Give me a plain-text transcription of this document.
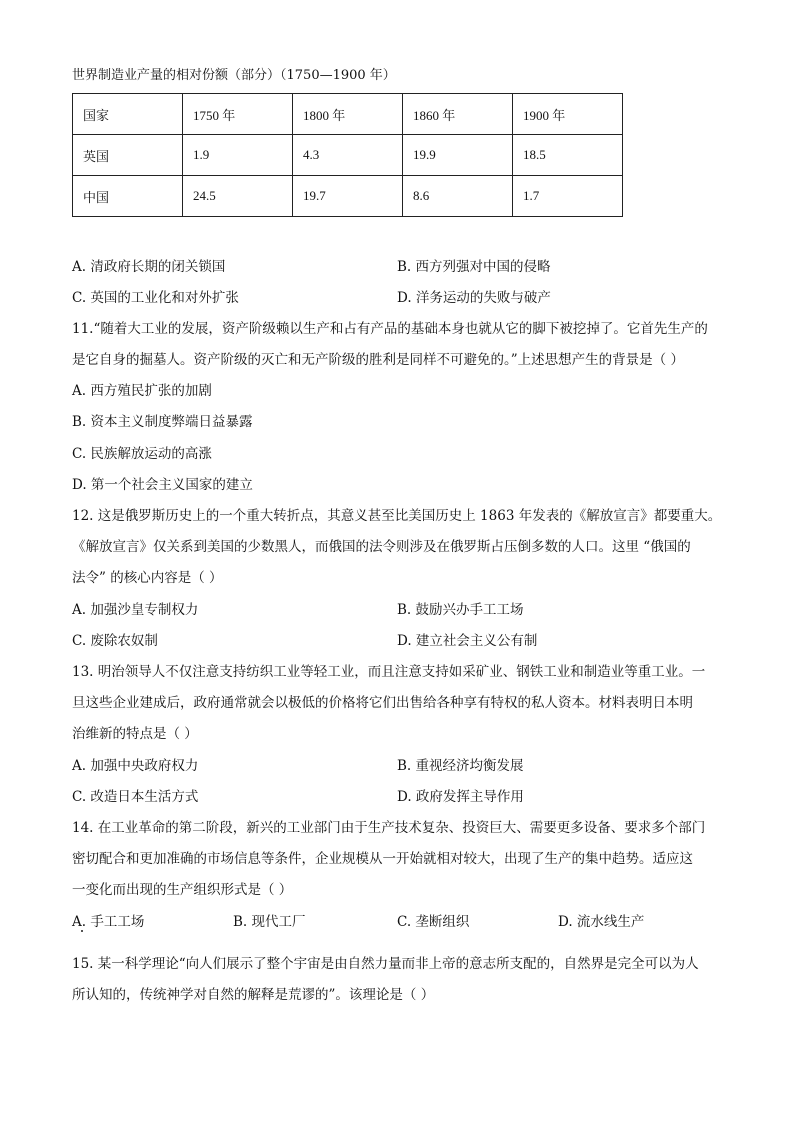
世界制造业产量的相对份额（部分）（1750—1900 年）
国家	1750 年	1800 年	1860 年	1900 年
英国	1.9	4.3	19.9	18.5
中国	24.5	19.7	8.6	1.7
A. 清政府长期的闭关锁国	B. 西方列强对中国的侵略
C. 英国的工业化和对外扩张	D. 洋务运动的失败与破产
11.“随着大工业的发展，资产阶级赖以生产和占有产品的基础本身也就从它的脚下被挖掉了。它首先生产的
是它自身的掘墓人。资产阶级的灭亡和无产阶级的胜利是同样不可避免的。”上述思想产生的背景是（ ）
A. 西方殖民扩张的加剧
B. 资本主义制度弊端日益暴露
C. 民族解放运动的高涨
D. 第一个社会主义国家的建立
12. 这是俄罗斯历史上的一个重大转折点，其意义甚至比美国历史上 1863 年发表的《解放宣言》都要重大。
《解放宣言》仅关系到美国的少数黑人，而俄国的法令则涉及在俄罗斯占压倒多数的人口。这里 “俄国的
法令” 的核心内容是（ ）
A. 加强沙皇专制权力	B. 鼓励兴办手工工场
C. 废除农奴制	D. 建立社会主义公有制
13. 明治领导人不仅注意支持纺织工业等轻工业，而且注意支持如采矿业、钢铁工业和制造业等重工业。一
旦这些企业建成后，政府通常就会以极低的价格将它们出售给各种享有特权的私人资本。材料表明日本明
治维新的特点是（ ）
A. 加强中央政府权力	B. 重视经济均衡发展
C. 改造日本生活方式	D. 政府发挥主导作用
14. 在工业革命的第二阶段，新兴的工业部门由于生产技术复杂、投资巨大、需要更多设备、要求多个部门
密切配合和更加准确的市场信息等条件，企业规模从一开始就相对较大，出现了生产的集中趋势。适应这
一变化而出现的生产组织形式是（ ）
A. 手工工场	B. 现代工厂	C. 垄断组织	D. 流水线生产
15. 某一科学理论“向人们展示了整个宇宙是由自然力量而非上帝的意志所支配的，自然界是完全可以为人
所认知的，传统神学对自然的解释是荒谬的”。该理论是（ ）
